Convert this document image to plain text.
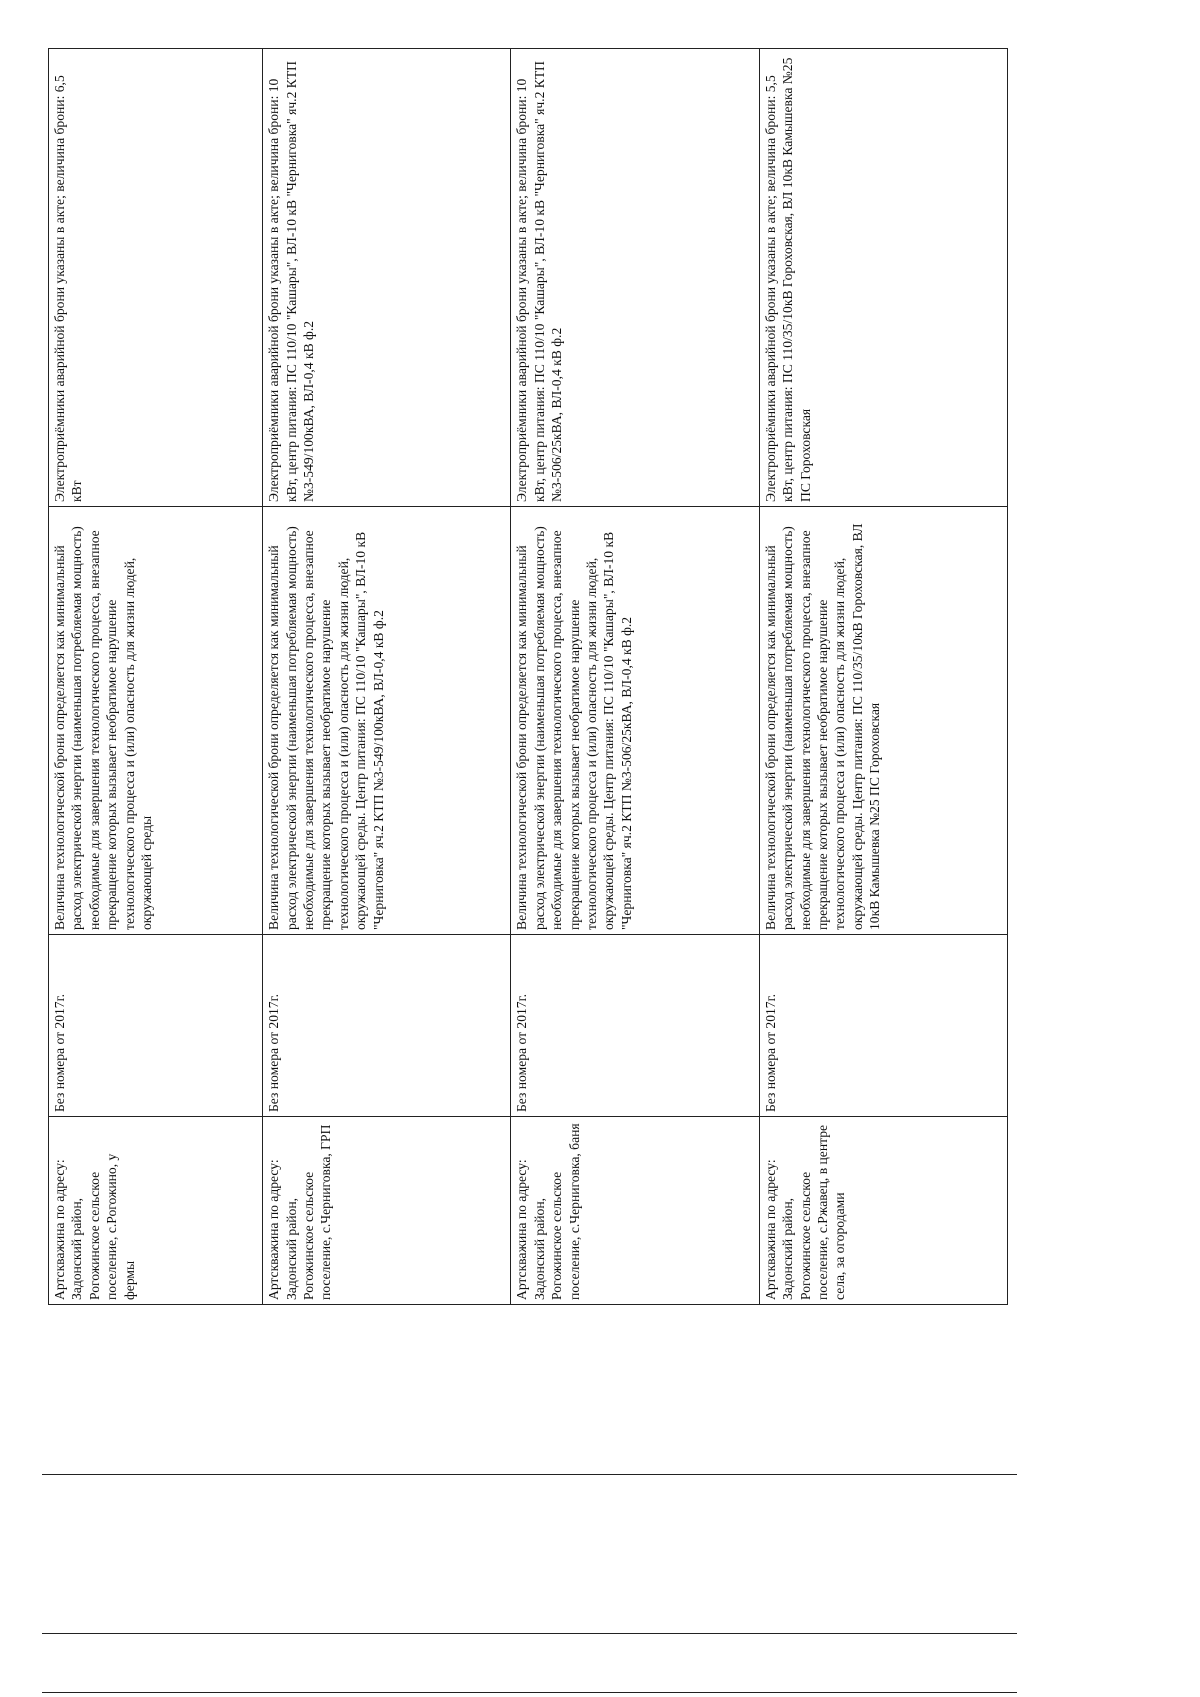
Артскважина по адресу: Задонский район, Рогожинское сельское поселение, с.Рогожино, у фермы	Без номера от 2017г.	Величина технологической брони определяется как минимальный расход электрической энергии (наименьшая потребляемая мощность) необходимые для завершения технологического процесса, внезапное прекращение которых вызывает необратимое нарушение технологического процесса и (или) опасность для жизни людей, окружающей среды	Электроприёмники аварийной брони указаны в акте; величина брони: 6,5 кВт
Артскважина по адресу: Задонский район, Рогожинское сельское поселение, с.Черниговка, ГРП	Без номера от 2017г.	Величина технологической брони определяется как минимальный расход электрической энергии (наименьшая потребляемая мощность) необходимые для завершения технологического процесса, внезапное прекращение которых вызывает необратимое нарушение технологического процесса и (или) опасность для жизни людей, окружающей среды. Центр питания: ПС 110/10 "Кашары", ВЛ-10 кВ "Черниговка" яч.2 КТП №3-549/100кВА, ВЛ-0,4 кВ ф.2	Электроприёмники аварийной брони указаны в акте; величина брони: 10 кВт, центр питания: ПС 110/10 "Кашары", ВЛ-10 кВ "Черниговка" яч.2 КТП №3-549/100кВА, ВЛ-0,4 кВ ф.2
Артскважина по адресу: Задонский район, Рогожинское сельское поселение, с.Черниговка, баня	Без номера от 2017г.	Величина технологической брони определяется как минимальный расход электрической энергии (наименьшая потребляемая мощность) необходимые для завершения технологического процесса, внезапное прекращение которых вызывает необратимое нарушение технологического процесса и (или) опасность для жизни людей, окружающей среды. Центр питания: ПС 110/10 "Кашары", ВЛ-10 кВ "Черниговка" яч.2 КТП №3-506/25кВА, ВЛ-0,4 кВ ф.2	Электроприёмники аварийной брони указаны в акте; величина брони: 10 кВт, центр питания: ПС 110/10 "Кашары", ВЛ-10 кВ "Черниговка" яч.2 КТП №3-506/25кВА, ВЛ-0,4 кВ ф.2
Артскважина по адресу: Задонский район, Рогожинское сельское поселение, с.Ржавец, в центре села, за огородами	Без номера от 2017г.	Величина технологической брони определяется как минимальный расход электрической энергии (наименьшая потребляемая мощность) необходимые для завершения технологического процесса, внезапное прекращение которых вызывает необратимое нарушение технологического процесса и (или) опасность для жизни людей, окружающей среды. Центр питания: ПС 110/35/10кВ Гороховская, ВЛ 10кВ Камышевка №25 ПС Гороховская	Электроприёмники аварийной брони указаны в акте; величина брони: 5,5 кВт, центр питания: ПС 110/35/10кВ Гороховская, ВЛ 10кВ Камышевка №25 ПС Гороховская
